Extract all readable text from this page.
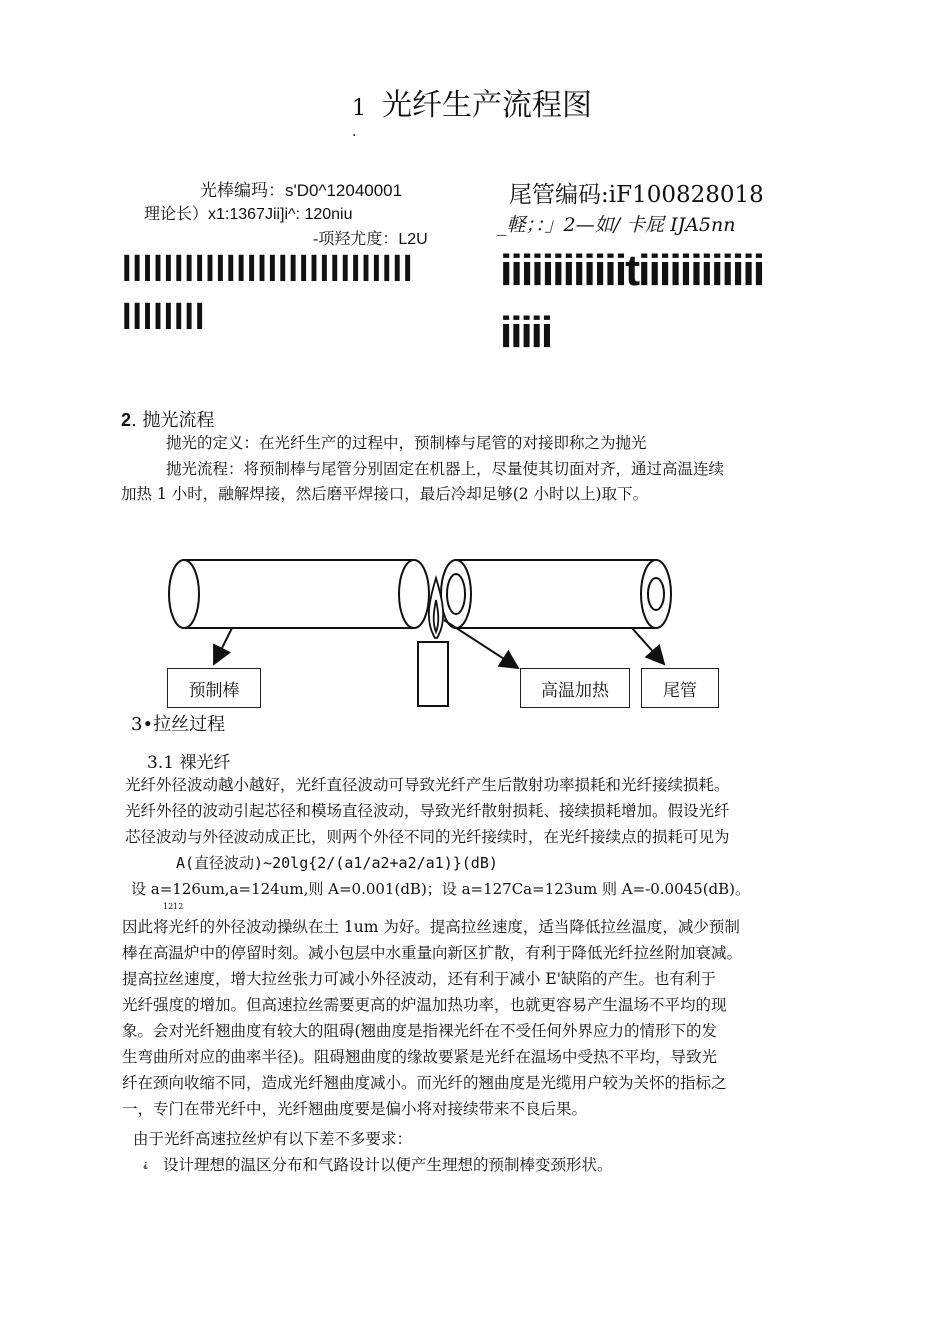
1
.
光纤生产流程图
光棒编玛：s'D0^12040001
理论长）x1:1367Jii]i^: 120niu
-项羟尤度：L2U
IIIIIIIIIIIIIIIIIIIIIIIIIIII
IIIIIIII
尾管编码:iF100828018
_軽；：」2—如/ 卡屁 IJA5nn
iiiiiiiiiiiitiiiiiiiiiiii
iiiii
2. 抛光流程
抛光的定义：在光纤生产的过程中，预制棒与尾管的对接即称之为抛光
抛光流程：将预制棒与尾管分别固定在机器上，尽量使其切面对齐，通过高温连续
加热 1 小时，融解焊接，然后磨平焊接口，最后冷却足够(2 小时以上)取下。
预制棒	高温加热	尾管
3•拉丝过程
3.1 裸光纤
光纤外径波动越小越好，光纤直径波动可导致光纤产生后散射功率损耗和光纤接续损耗。
光纤外径的波动引起芯径和模场直径波动，导致光纤散射损耗、接续损耗增加。假设光纤
芯径波动与外径波动成正比，则两个外径不同的光纤接续时，在光纤接续点的损耗可见为
A(直径波动)~20lg{2/(a1/a2+a2/a1)}(dB)
设 a=126um,a=124um,则 A=0.001(dB)；设 a=127Ca=123um 则 A=-0.0045(dB)。
1212
因此将光纤的外径波动操纵在土 1um 为好。提高拉丝速度，适当降低拉丝温度，减少预制
棒在高温炉中的停留时刻。减小包层中水重量向新区扩散，有利于降低光纤拉丝附加衰减。
提高拉丝速度，增大拉丝张力可减小外径波动，还有利于减小 E'缺陷的产生。也有利于
光纤强度的增加。但高速拉丝需要更高的炉温加热功率，也就更容易产生温场不平均的现
象。会对光纤翘曲度有较大的阻碍(翘曲度是指裸光纤在不受任何外界应力的情形下的发
生弯曲所对应的曲率半径)。阻碍翘曲度的缘故要紧是光纤在温场中受热不平均，导致光
纤在颈向收缩不同，造成光纤翘曲度减小。而光纤的翘曲度是光缆用户较为关怀的指标之
一，专门在带光纤中，光纤翘曲度要是偏小将对接续带来不良后果。
由于光纤高速拉丝炉有以下差不多要求：
⸘ 设计理想的温区分布和气路设计以便产生理想的预制棒变颈形状。
